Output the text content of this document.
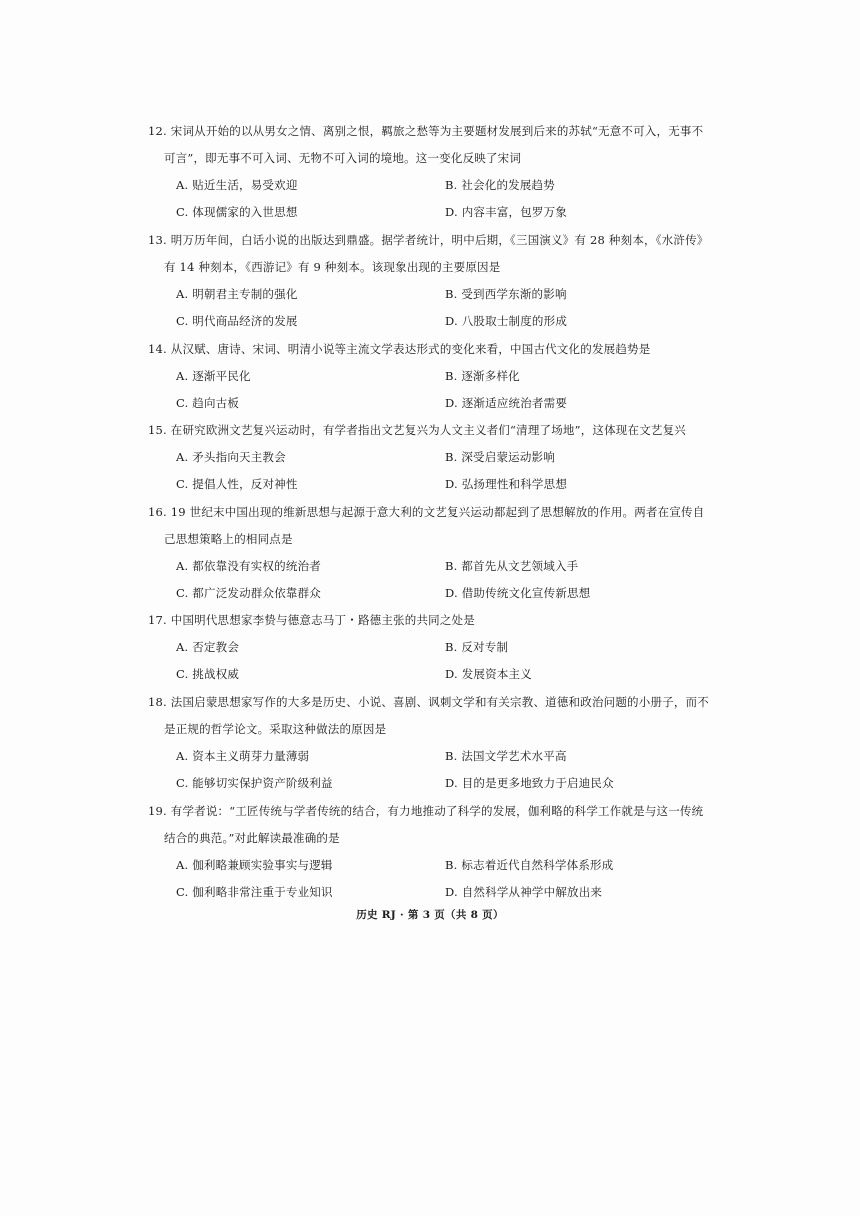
12. 宋词从开始的以从男女之情、离别之恨，羁旅之愁等为主要题材发展到后来的苏轼“无意不可入，无事不
可言”，即无事不可入词、无物不可入词的境地。这一变化反映了宋词
A. 贴近生活，易受欢迎	B. 社会化的发展趋势
C. 体现儒家的入世思想	D. 内容丰富，包罗万象
13. 明万历年间，白话小说的出版达到鼎盛。据学者统计，明中后期，《三国演义》有 28 种刻本，《水浒传》
有 14 种刻本，《西游记》有 9 种刻本。该现象出现的主要原因是
A. 明朝君主专制的强化	B. 受到西学东渐的影响
C. 明代商品经济的发展	D. 八股取士制度的形成
14. 从汉赋、唐诗、宋词、明清小说等主流文学表达形式的变化来看，中国古代文化的发展趋势是
A. 逐渐平民化	B. 逐渐多样化
C. 趋向古板	D. 逐渐适应统治者需要
15. 在研究欧洲文艺复兴运动时，有学者指出文艺复兴为人文主义者们“清理了场地”，这体现在文艺复兴
A. 矛头指向天主教会	B. 深受启蒙运动影响
C. 提倡人性，反对神性	D. 弘扬理性和科学思想
16. 19 世纪末中国出现的维新思想与起源于意大利的文艺复兴运动都起到了思想解放的作用。两者在宣传自
己思想策略上的相同点是
A. 都依靠没有实权的统治者	B. 都首先从文艺领域入手
C. 都广泛发动群众依靠群众	D. 借助传统文化宣传新思想
17. 中国明代思想家李贽与德意志马丁・路德主张的共同之处是
A. 否定教会	B. 反对专制
C. 挑战权威	D. 发展资本主义
18. 法国启蒙思想家写作的大多是历史、小说、喜剧、讽刺文学和有关宗教、道德和政治问题的小册子，而不
是正规的哲学论文。采取这种做法的原因是
A. 资本主义萌芽力量薄弱	B. 法国文学艺术水平高
C. 能够切实保护资产阶级利益	D. 目的是更多地致力于启迪民众
19. 有学者说：“工匠传统与学者传统的结合，有力地推动了科学的发展，伽利略的科学工作就是与这一传统
结合的典范。”对此解读最准确的是
A. 伽利略兼顾实验事实与逻辑	B. 标志着近代自然科学体系形成
C. 伽利略非常注重于专业知识	D. 自然科学从神学中解放出来
历史 RJ · 第 3 页（共 8 页）
